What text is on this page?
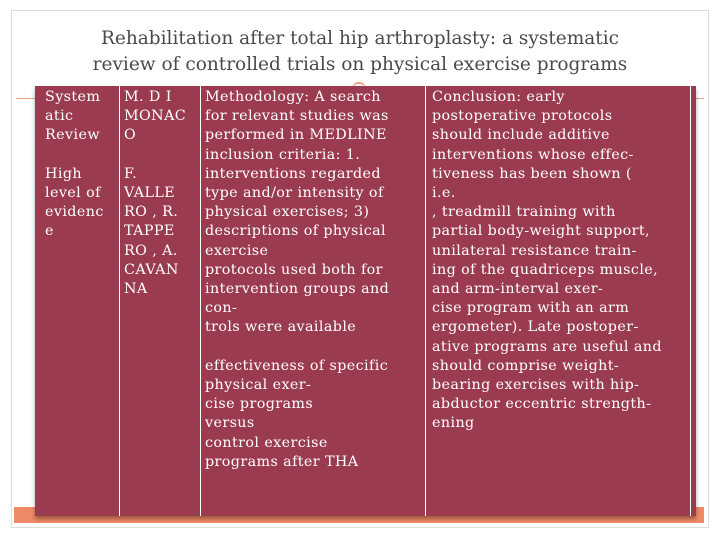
Rehabilitation after total hip arthroplasty: a systematic
review of controlled trials on physical exercise programs
System
atic
Review
High
level of
evidenc
e
M. D I
MONAC
O
F.
VALLE
RO , R.
TAPPE
RO , A.
CAVAN
NA
Methodology: A search
for relevant studies was
performed in MEDLINE
inclusion criteria: 1.
interventions regarded
type and/or intensity of
physical exercises; 3)
descriptions of physical
exercise
protocols used both for
intervention groups and
con-
trols were available
effectiveness of specific
physical exer-
cise programs
versus
control exercise
programs after THA
Conclusion: early
postoperative protocols
should include additive
interventions whose effec-
tiveness has been shown (
i.e.
, treadmill training with
partial body-weight support,
unilateral resistance train-
ing of the quadriceps muscle,
and arm-interval exer-
cise program with an arm
ergometer). Late postoper-
ative programs are useful and
should comprise weight-
bearing exercises with hip-
abductor eccentric strength-
ening
